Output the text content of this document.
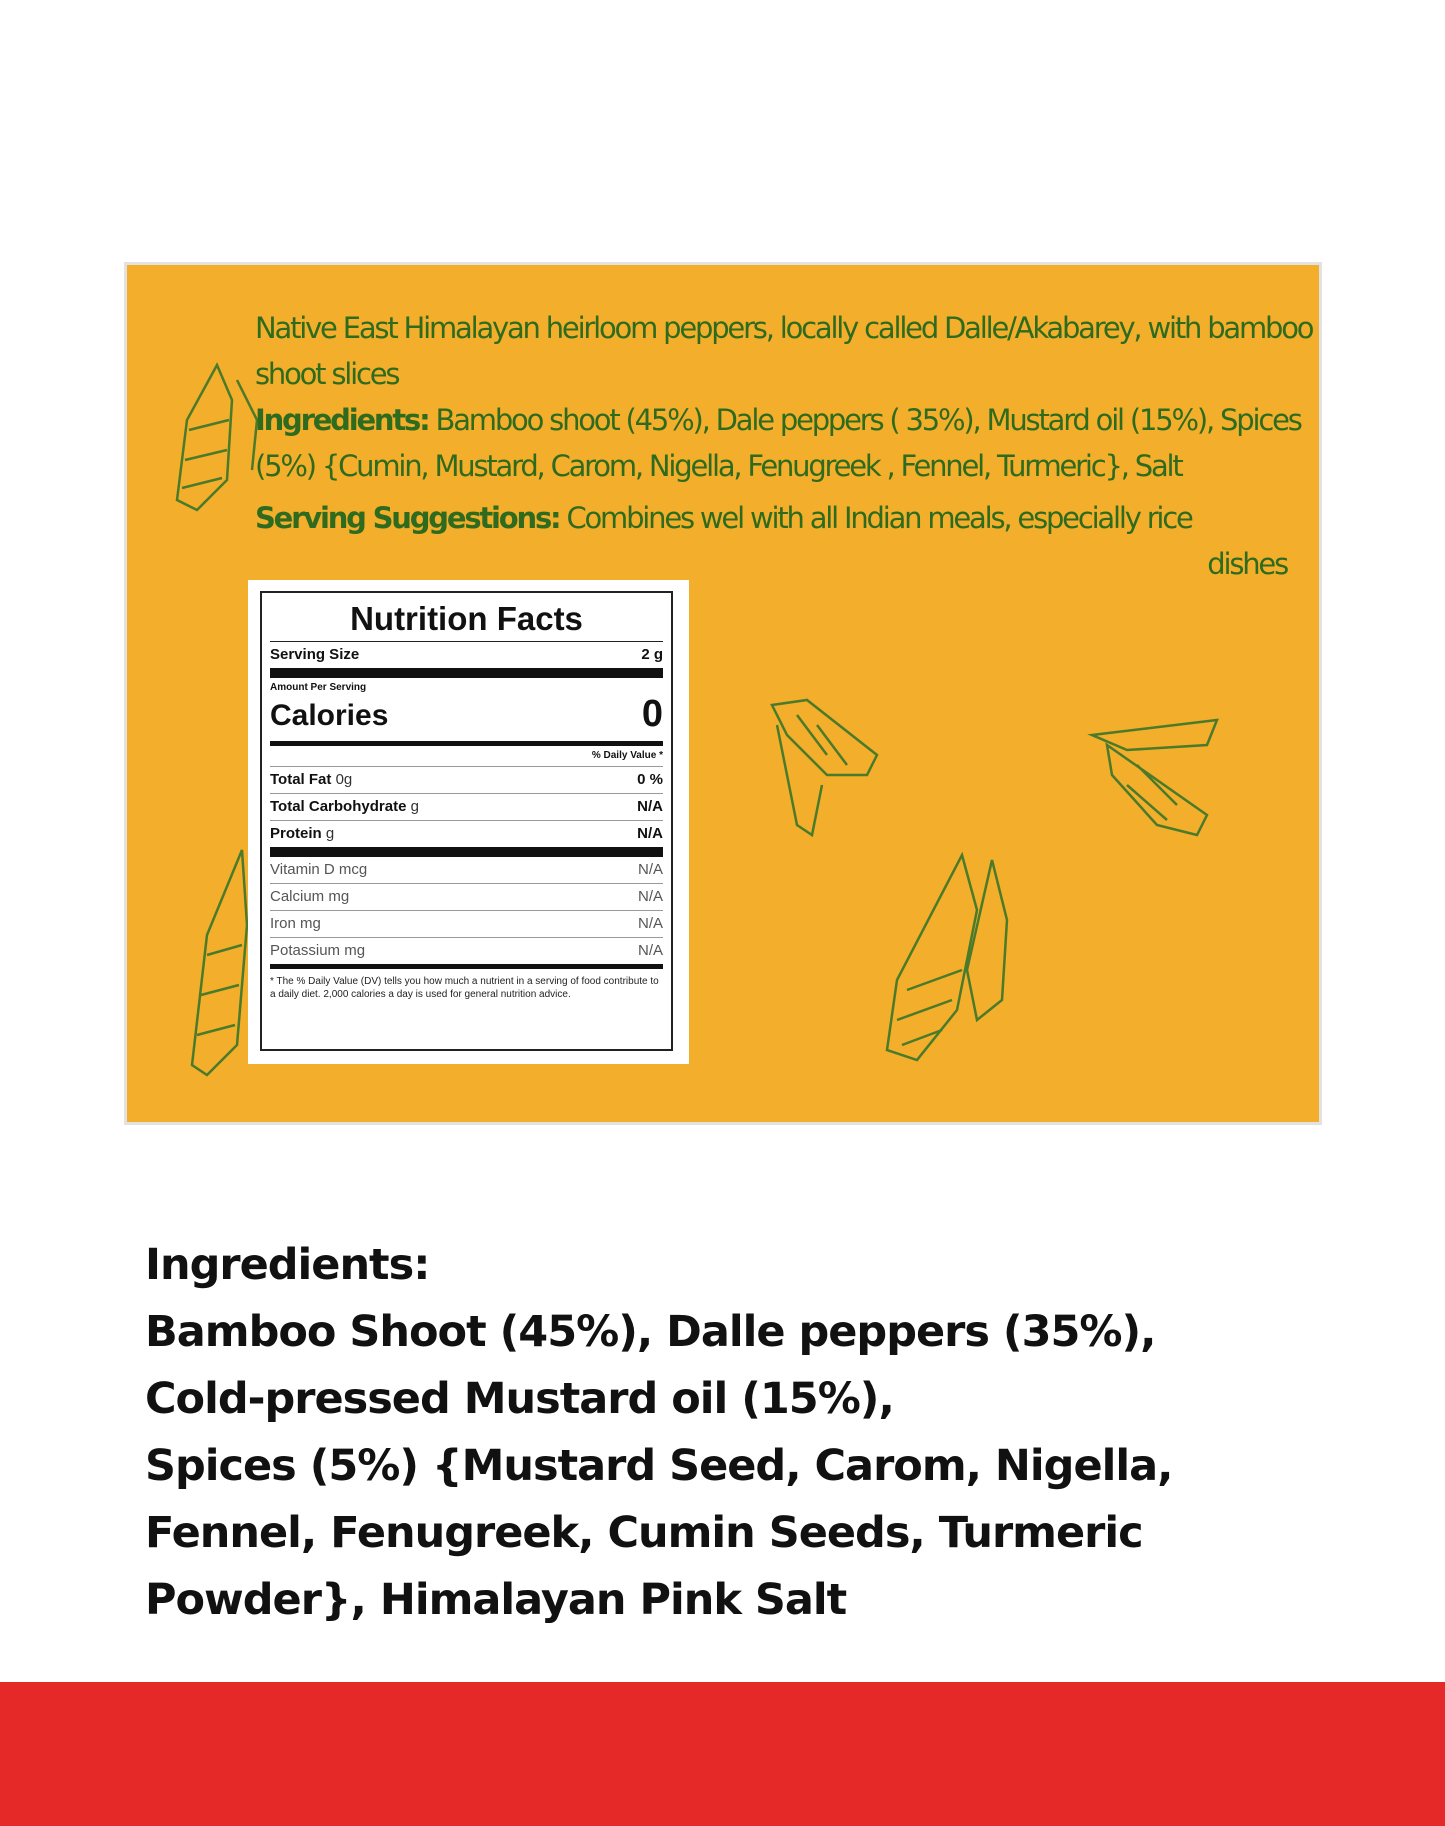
Native East Himalayan heirloom peppers, locally called Dalle/Akabarey, with bamboo shoot slices
Ingredients: Bamboo shoot (45%), Dale peppers ( 35%), Mustard oil (15%), Spices (5%) {Cumin, Mustard, Carom, Nigella, Fenugreek , Fennel, Turmeric}, Salt
Serving Suggestions: Combines wel with all Indian meals, especially rice
dishes
Nutrition Facts
Serving Size	2 g
Amount Per Serving
Calories	0
% Daily Value *
Total Fat 0g	0 %
Total Carbohydrate g	N/A
Protein g	N/A
Vitamin D mcg	N/A
Calcium mg	N/A
Iron mg	N/A
Potassium mg	N/A
* The % Daily Value (DV) tells you how much a nutrient in a serving of food contribute to a daily diet. 2,000 calories a day is used for general nutrition advice.
Ingredients:
Bamboo Shoot (45%), Dalle peppers (35%),
Cold-pressed Mustard oil (15%),
Spices (5%) {Mustard Seed, Carom, Nigella,
Fennel, Fenugreek, Cumin Seeds, Turmeric
Powder}, Himalayan Pink Salt
